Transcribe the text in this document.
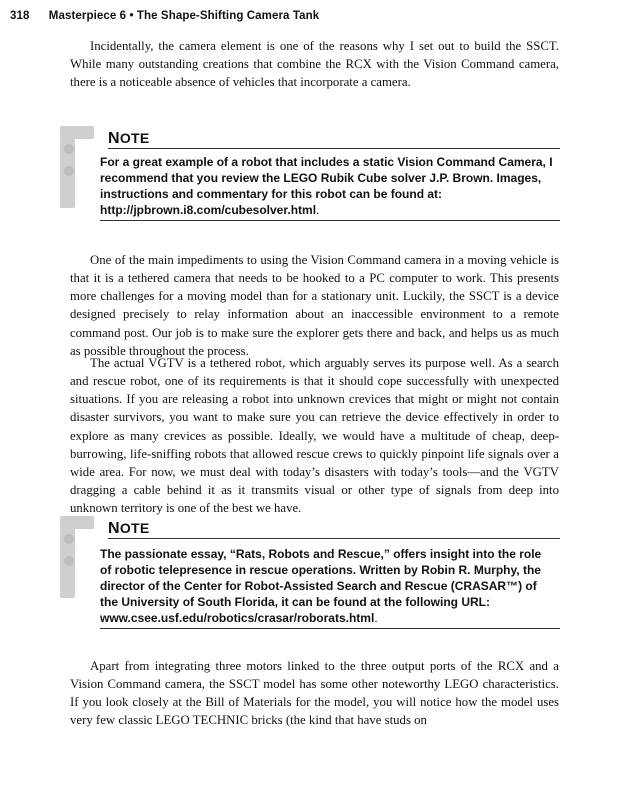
318 Masterpiece 6 • The Shape-Shifting Camera Tank

Incidentally, the camera element is one of the reasons why I set out to build the SSCT. While many outstanding creations that combine the RCX with the Vision Command camera, there is a noticeable absence of vehicles that incorporate a camera.

NOTE
For a great example of a robot that includes a static Vision Command Camera, I recommend that you review the LEGO Rubik Cube solver J.P. Brown. Images, instructions and commentary for this robot can be found at: http://jpbrown.i8.com/cubesolver.html.

One of the main impediments to using the Vision Command camera in a moving vehicle is that it is a tethered camera that needs to be hooked to a PC computer to work. This presents more challenges for a moving model than for a stationary unit. Luckily, the SSCT is a device designed precisely to relay information about an inaccessible environment to a remote command post. Our job is to make sure the explorer gets there and back, and helps us as much as possible throughout the process.

The actual VGTV is a tethered robot, which arguably serves its purpose well. As a search and rescue robot, one of its requirements is that it should cope successfully with unexpected situations. If you are releasing a robot into unknown crevices that might or might not contain disaster survivors, you want to make sure you can retrieve the device effectively in order to explore as many crevices as possible. Ideally, we would have a multitude of cheap, deep-burrowing, life-sniffing robots that allowed rescue crews to quickly pinpoint life signals over a wide area. For now, we must deal with today’s disasters with today’s tools—and the VGTV dragging a cable behind it as it transmits visual or other type of signals from deep into unknown territory is one of the best we have.

NOTE
The passionate essay, “Rats, Robots and Rescue,” offers insight into the role of robotic telepresence in rescue operations. Written by Robin R. Murphy, the director of the Center for Robot-Assisted Search and Rescue (CRASAR™) of the University of South Florida, it can be found at the following URL: www.csee.usf.edu/robotics/crasar/roborats.html.

Apart from integrating three motors linked to the three output ports of the RCX and a Vision Command camera, the SSCT model has some other noteworthy LEGO characteristics. If you look closely at the Bill of Materials for the model, you will notice how the model uses very few classic LEGO TECHNIC bricks (the kind that have studs on
